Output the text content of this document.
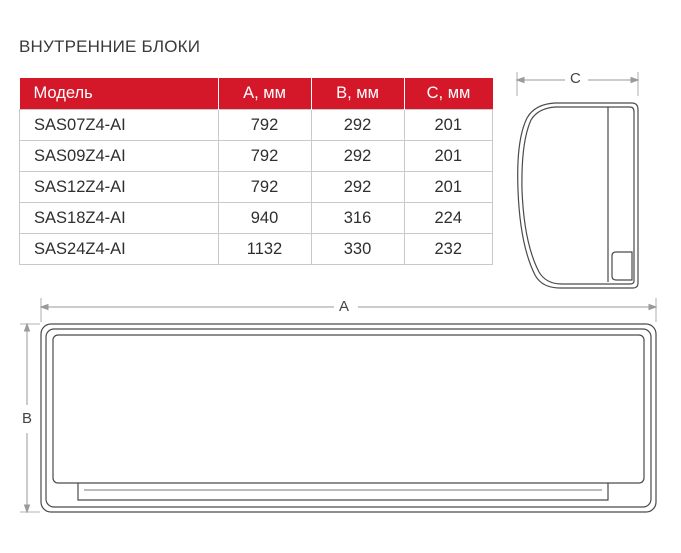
ВНУТРЕННИЕ БЛОКИ
Модель	A, мм	B, мм	C, мм
SAS07Z4-AI	792	292	201
SAS09Z4-AI	792	292	201
SAS12Z4-AI	792	292	201
SAS18Z4-AI	940	316	224
SAS24Z4-AI	1132	330	232
C
A
B
